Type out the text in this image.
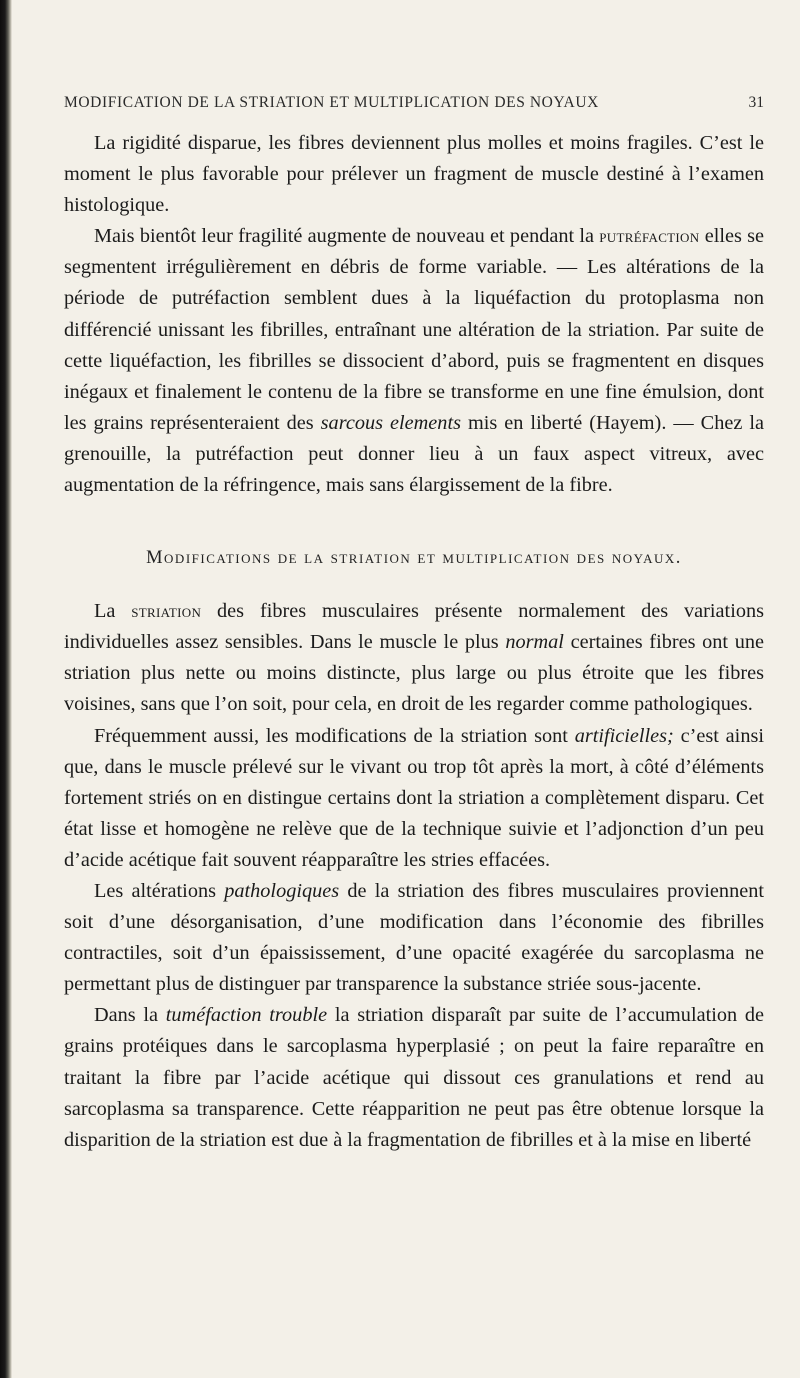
MODIFICATION DE LA STRIATION ET MULTIPLICATION DES NOYAUX	31

La rigidité disparue, les fibres deviennent plus molles et moins fragiles. C’est le moment le plus favorable pour prélever un fragment de muscle destiné à l’examen histologique.

Mais bientôt leur fragilité augmente de nouveau et pendant la putréfaction elles se segmentent irrégulièrement en débris de forme variable. — Les altérations de la période de putréfaction semblent dues à la liquéfaction du protoplasma non différencié unissant les fibrilles, entraînant une altération de la striation. Par suite de cette liquéfaction, les fibrilles se dissocient d’abord, puis se fragmentent en disques inégaux et finalement le contenu de la fibre se transforme en une fine émulsion, dont les grains représenteraient des sarcous elements mis en liberté (Hayem). — Chez la grenouille, la putréfaction peut donner lieu à un faux aspect vitreux, avec augmentation de la réfringence, mais sans élargissement de la fibre.

Modifications de la striation et multiplication des noyaux.

La striation des fibres musculaires présente normalement des variations individuelles assez sensibles. Dans le muscle le plus normal certaines fibres ont une striation plus nette ou moins distincte, plus large ou plus étroite que les fibres voisines, sans que l’on soit, pour cela, en droit de les regarder comme pathologiques.

Fréquemment aussi, les modifications de la striation sont artificielles; c’est ainsi que, dans le muscle prélevé sur le vivant ou trop tôt après la mort, à côté d’éléments fortement striés on en distingue certains dont la striation a complètement disparu. Cet état lisse et homogène ne relève que de la technique suivie et l’adjonction d’un peu d’acide acétique fait souvent réapparaître les stries effacées.

Les altérations pathologiques de la striation des fibres musculaires proviennent soit d’une désorganisation, d’une modification dans l’économie des fibrilles contractiles, soit d’un épaississement, d’une opacité exagérée du sarcoplasma ne permettant plus de distinguer par transparence la substance striée sous-jacente.

Dans la tuméfaction trouble la striation disparaît par suite de l’accumulation de grains protéiques dans le sarcoplasma hyperplasié ; on peut la faire reparaître en traitant la fibre par l’acide acétique qui dissout ces granulations et rend au sarcoplasma sa transparence. Cette réapparition ne peut pas être obtenue lorsque la disparition de la striation est due à la fragmentation de fibrilles et à la mise en liberté
